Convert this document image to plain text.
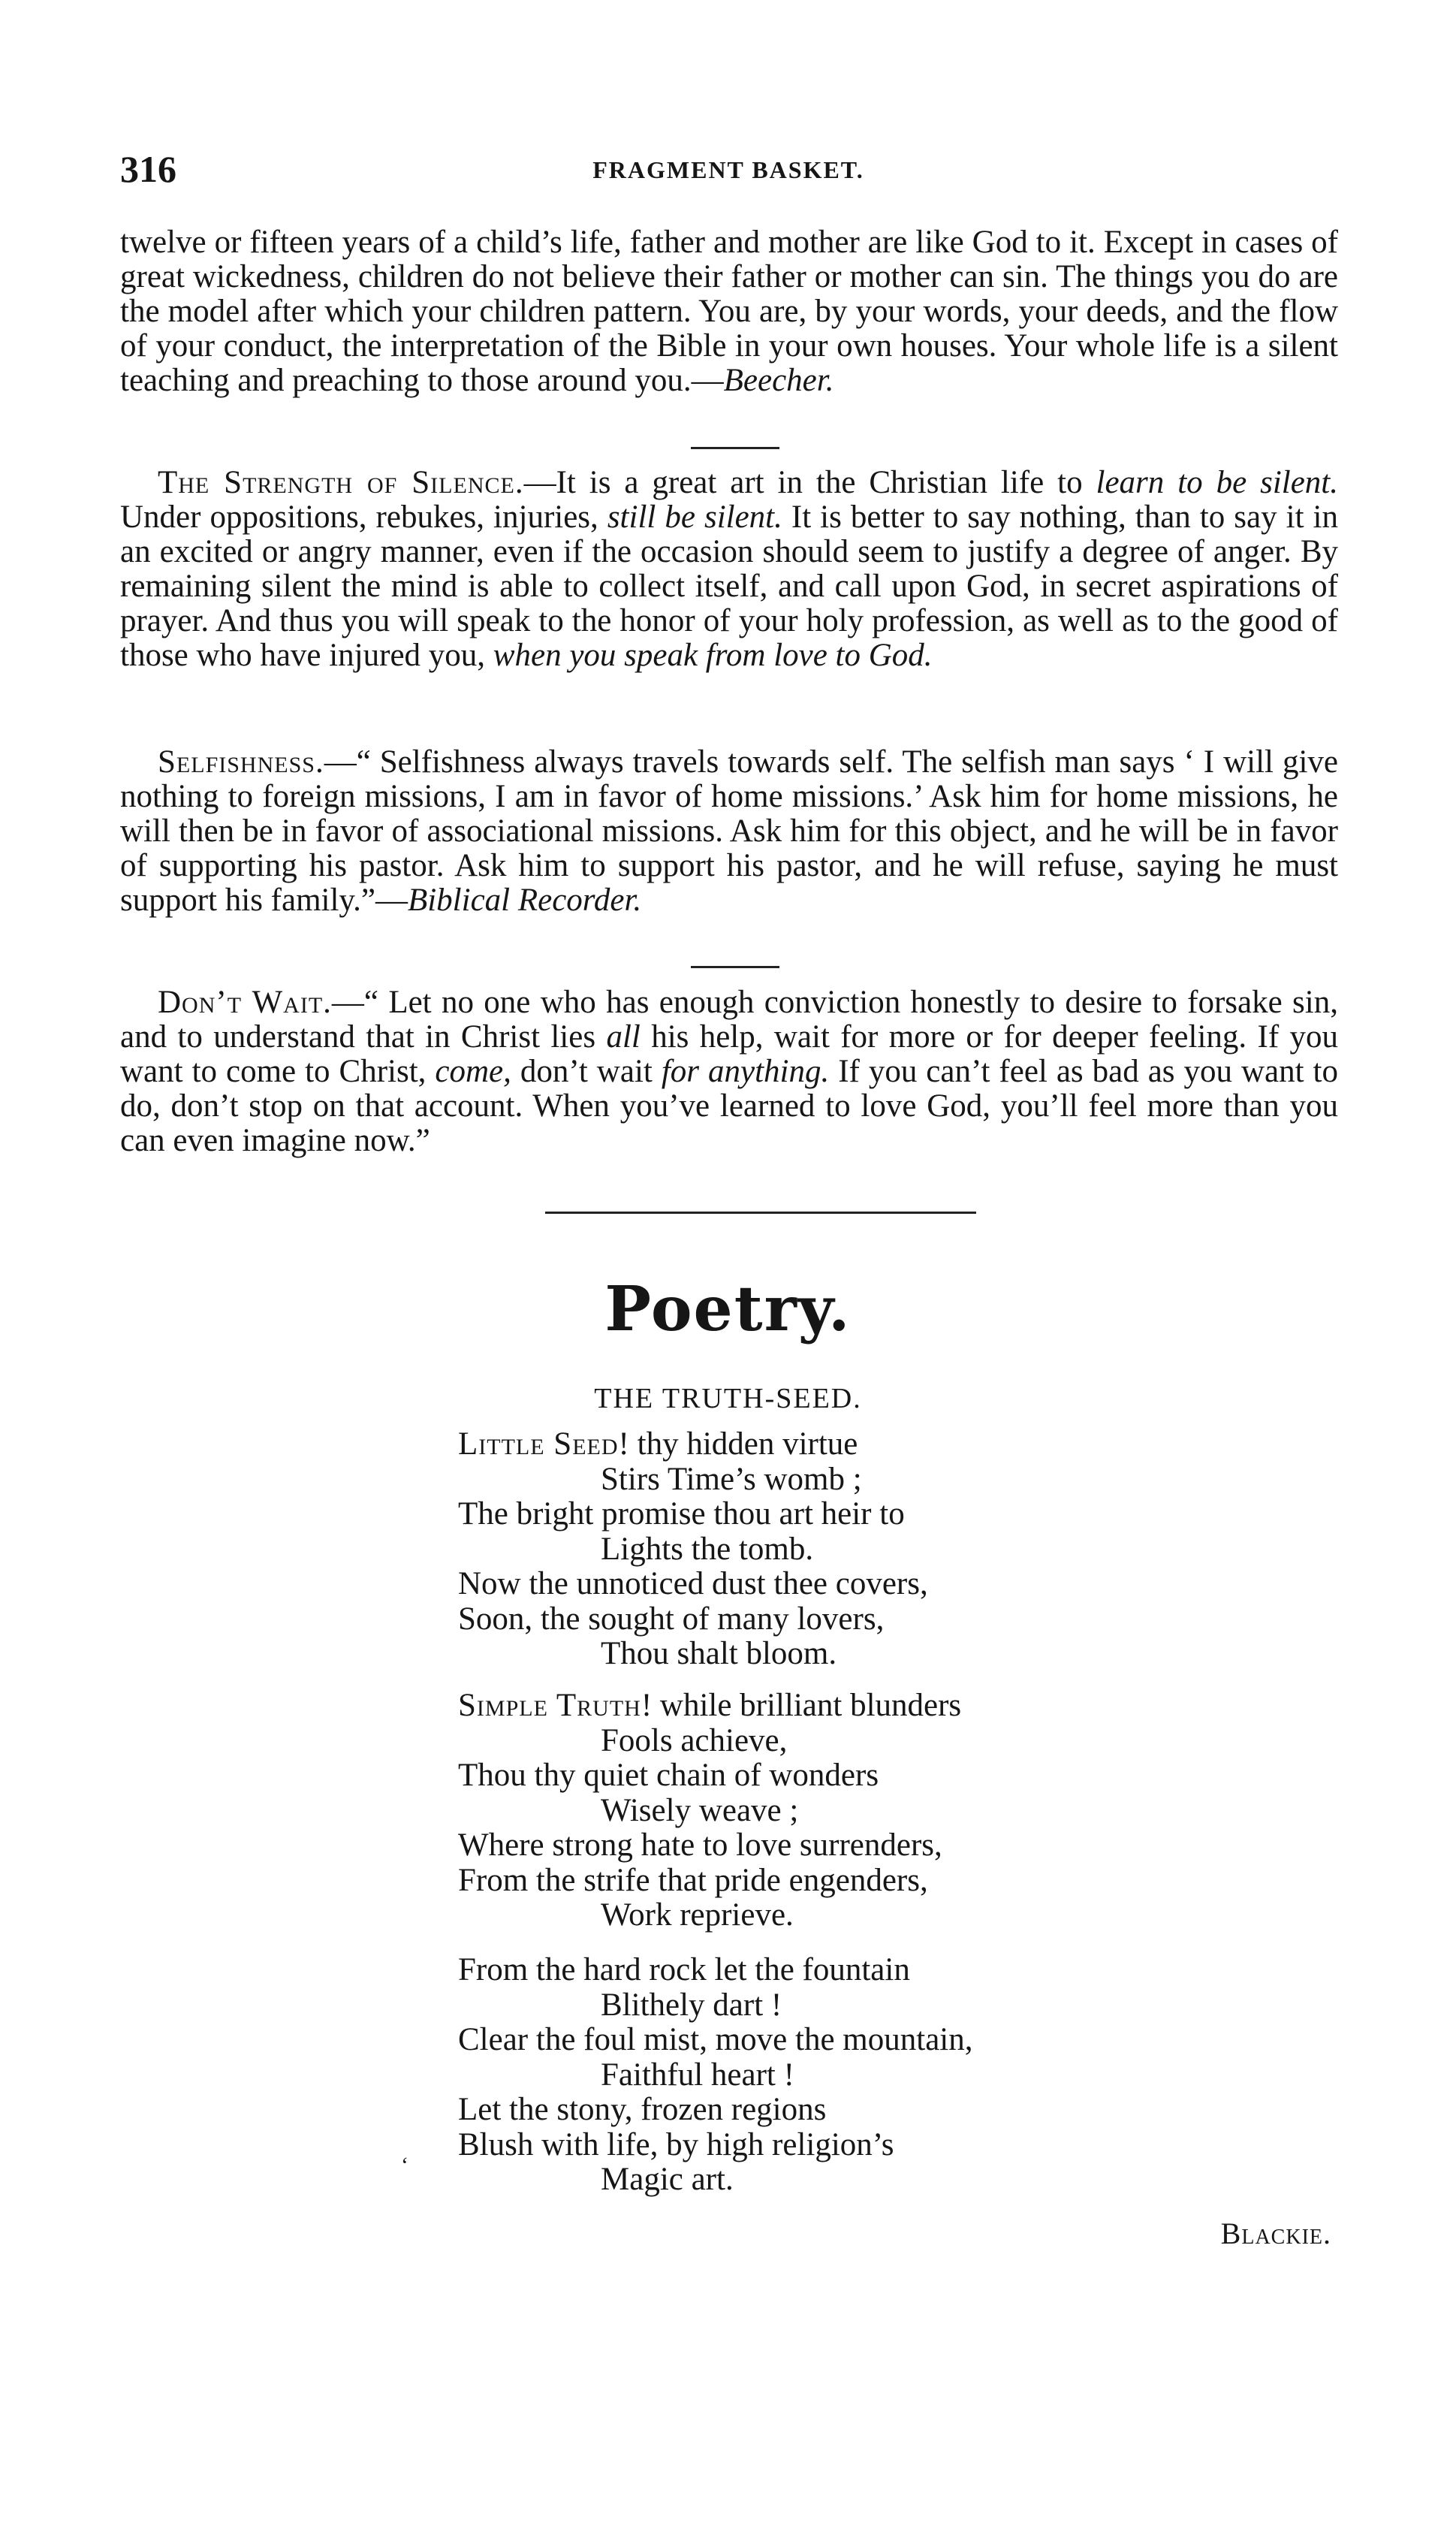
316	FRAGMENT BASKET.

twelve or fifteen years of a child’s life, father and mother are like God to it. Except in cases of great wickedness, children do not believe their father or mother can sin. The things you do are the model after which your children pattern. You are, by your words, your deeds, and the flow of your conduct, the interpretation of the Bible in your own houses. Your whole life is a silent teaching and preaching to those around you.—Beecher.

The Strength of Silence.—It is a great art in the Christian life to learn to be silent. Under oppositions, rebukes, injuries, still be silent. It is better to say nothing, than to say it in an excited or angry manner, even if the occasion should seem to justify a degree of anger. By remaining silent the mind is able to collect itself, and call upon God, in secret aspirations of prayer. And thus you will speak to the honor of your holy profession, as well as to the good of those who have injured you, when you speak from love to God.

Selfishness.—“ Selfishness always travels towards self. The selfish man says ‘ I will give nothing to foreign missions, I am in favor of home missions.’ Ask him for home missions, he will then be in favor of associational missions. Ask him for this object, and he will be in favor of supporting his pastor. Ask him to support his pastor, and he will refuse, saying he must support his family.”—Biblical Recorder.

Don’t Wait.—“ Let no one who has enough conviction honestly to desire to forsake sin, and to understand that in Christ lies all his help, wait for more or for deeper feeling. If you want to come to Christ, come, don’t wait for anything. If you can’t feel as bad as you want to do, don’t stop on that account. When you’ve learned to love God, you’ll feel more than you can even imagine now.”

Poetry.
THE TRUTH-SEED.
Little Seed! thy hidden virtue
Stirs Time’s womb ;
The bright promise thou art heir to
Lights the tomb.
Now the unnoticed dust thee covers,
Soon, the sought of many lovers,
Thou shalt bloom.
Simple Truth! while brilliant blunders
Fools achieve,
Thou thy quiet chain of wonders
Wisely weave ;
Where strong hate to love surrenders,
From the strife that pride engenders,
Work reprieve.
From the hard rock let the fountain
Blithely dart !
Clear the foul mist, move the mountain,
Faithful heart !
Let the stony, frozen regions
Blush with life, by high religion’s
Magic art.
ʻ
Blackie.
